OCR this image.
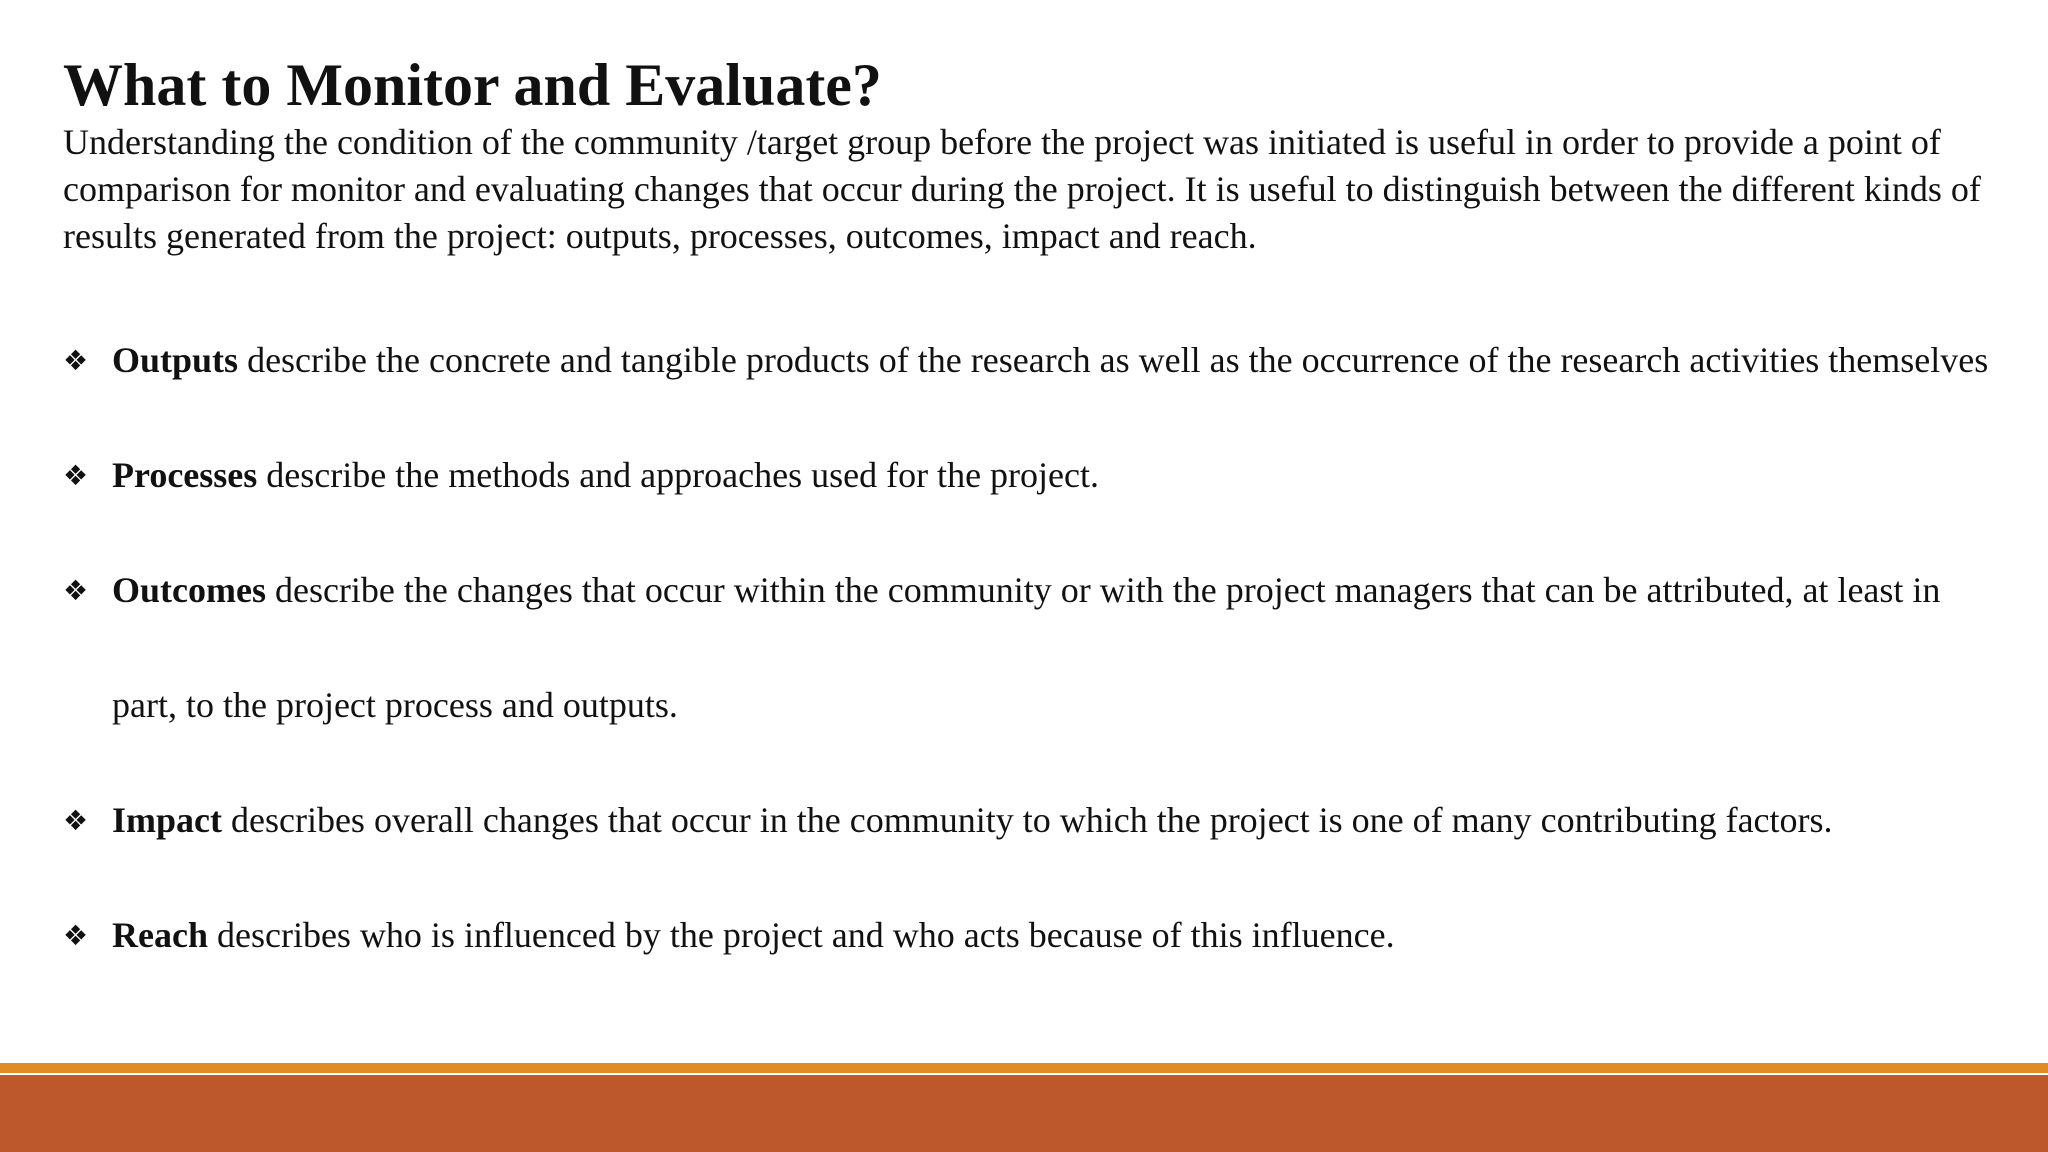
What to Monitor and Evaluate?

Understanding the condition of the community /target group before the project was initiated is useful in order to provide a point of comparison for monitor and evaluating changes that occur during the project. It is useful to distinguish between the different kinds of results generated from the project: outputs, processes, outcomes, impact and reach.

❖ Outputs describe the concrete and tangible products of the research as well as the occurrence of the research activities themselves
❖ Processes describe the methods and approaches used for the project.
❖ Outcomes describe the changes that occur within the community or with the project managers that can be attributed, at least in part, to the project process and outputs.
❖ Impact describes overall changes that occur in the community to which the project is one of many contributing factors.
❖ Reach describes who is influenced by the project and who acts because of this influence.
